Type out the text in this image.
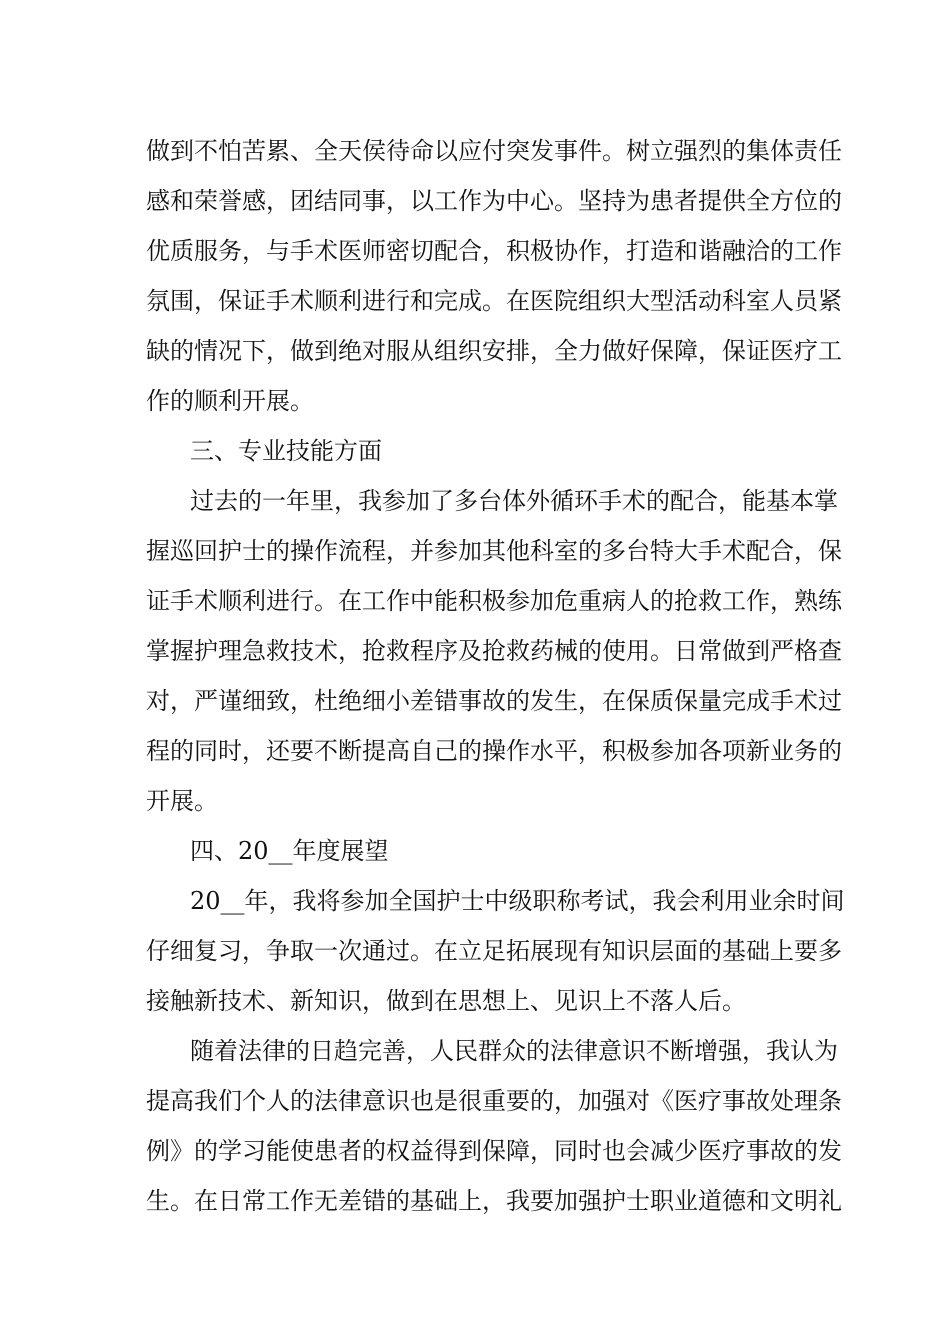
做到不怕苦累、全天侯待命以应付突发事件。树立强烈的集体责任
感和荣誉感，团结同事，以工作为中心。坚持为患者提供全方位的
优质服务，与手术医师密切配合，积极协作，打造和谐融洽的工作
氛围，保证手术顺利进行和完成。在医院组织大型活动科室人员紧
缺的情况下，做到绝对服从组织安排，全力做好保障，保证医疗工
作的顺利开展。
三、专业技能方面
过去的一年里，我参加了多台体外循环手术的配合，能基本掌
握巡回护士的操作流程，并参加其他科室的多台特大手术配合，保
证手术顺利进行。在工作中能积极参加危重病人的抢救工作，熟练
掌握护理急救技术，抢救程序及抢救药械的使用。日常做到严格查
对，严谨细致，杜绝细小差错事故的发生，在保质保量完成手术过
程的同时，还要不断提高自己的操作水平，积极参加各项新业务的
开展。
四、20__年度展望
20__年，我将参加全国护士中级职称考试，我会利用业余时间
仔细复习，争取一次通过。在立足拓展现有知识层面的基础上要多
接触新技术、新知识，做到在思想上、见识上不落人后。
随着法律的日趋完善，人民群众的法律意识不断增强，我认为
提高我们个人的法律意识也是很重要的，加强对《医疗事故处理条
例》的学习能使患者的权益得到保障，同时也会减少医疗事故的发
生。在日常工作无差错的基础上，我要加强护士职业道德和文明礼
